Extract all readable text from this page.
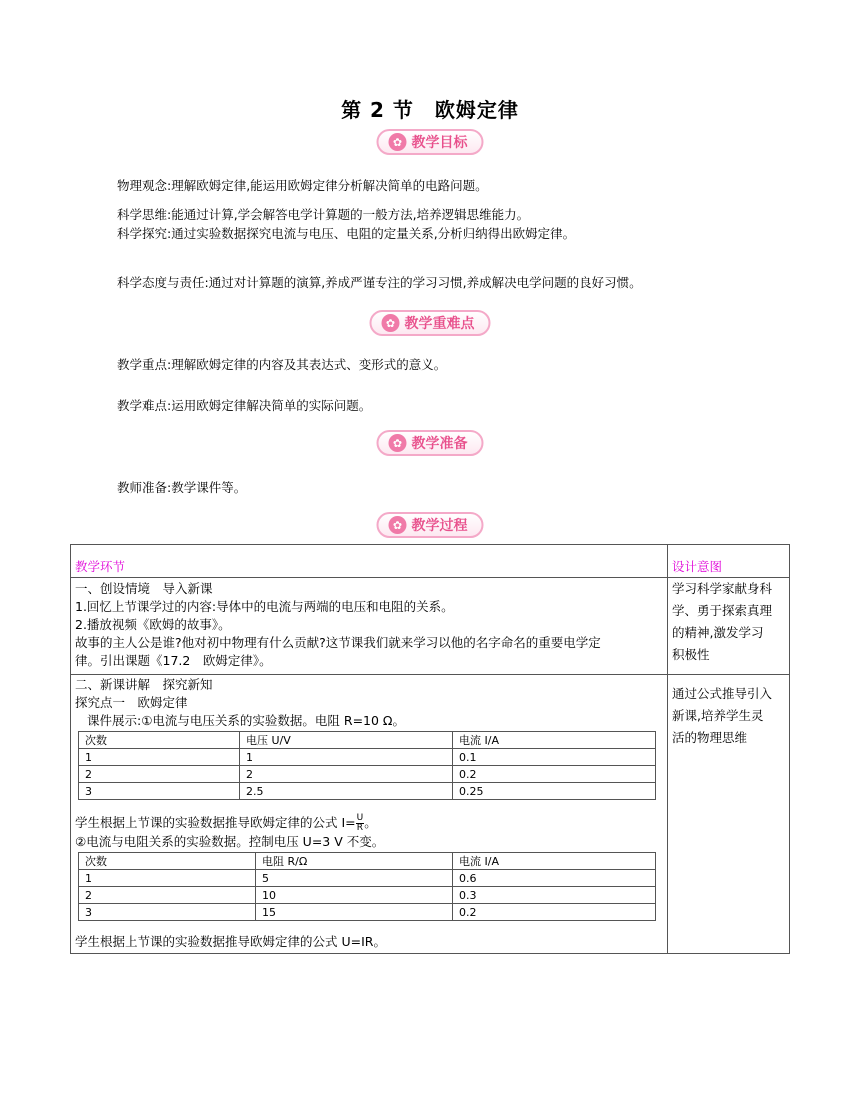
第 2 节　欧姆定律
✿ 教学目标
物理观念:理解欧姆定律,能运用欧姆定律分析解决简单的电路问题。
科学思维:能通过计算,学会解答电学计算题的一般方法,培养逻辑思维能力。
科学探究:通过实验数据探究电流与电压、电阻的定量关系,分析归纳得出欧姆定律。
科学态度与责任:通过对计算题的演算,养成严谨专注的学习习惯,养成解决电学问题的良好习惯。
✿ 教学重难点
教学重点:理解欧姆定律的内容及其表达式、变形式的意义。
教学难点:运用欧姆定律解决简单的实际问题。
✿ 教学准备
教师准备:教学课件等。
✿ 教学过程
教学环节	设计意图

一、创设情境　导入新课
1.回忆上节课学过的内容:导体中的电流与两端的电压和电阻的关系。
2.播放视频《欧姆的故事》。
故事的主人公是谁?他对初中物理有什么贡献?这节课我们就来学习以他的名字命名的重要电学定
律。引出课题《17.2　欧姆定律》。

学习科学家献身科
学、勇于探索真理
的精神,激发学习
积极性

二、新课讲解　探究新知
探究点一　欧姆定律
课件展示:①电流与电压关系的实验数据。电阻 R=10 Ω。
次数	电压 U/V	电流 I/A
1	1	0.1
2	2	0.2
3	2.5	0.25
学生根据上节课的实验数据推导欧姆定律的公式 $I= \frac{U}{R}$ 。
②电流与电阻关系的实验数据。控制电压 U=3 V 不变。
次数	电阻 R/Ω	电流 I/A
1	5	0.6
2	10	0.3
3	15	0.2
学生根据上节课的实验数据推导欧姆定律的公式 U=IR。

通过公式推导引入
新课,培养学生灵
活的物理思维
